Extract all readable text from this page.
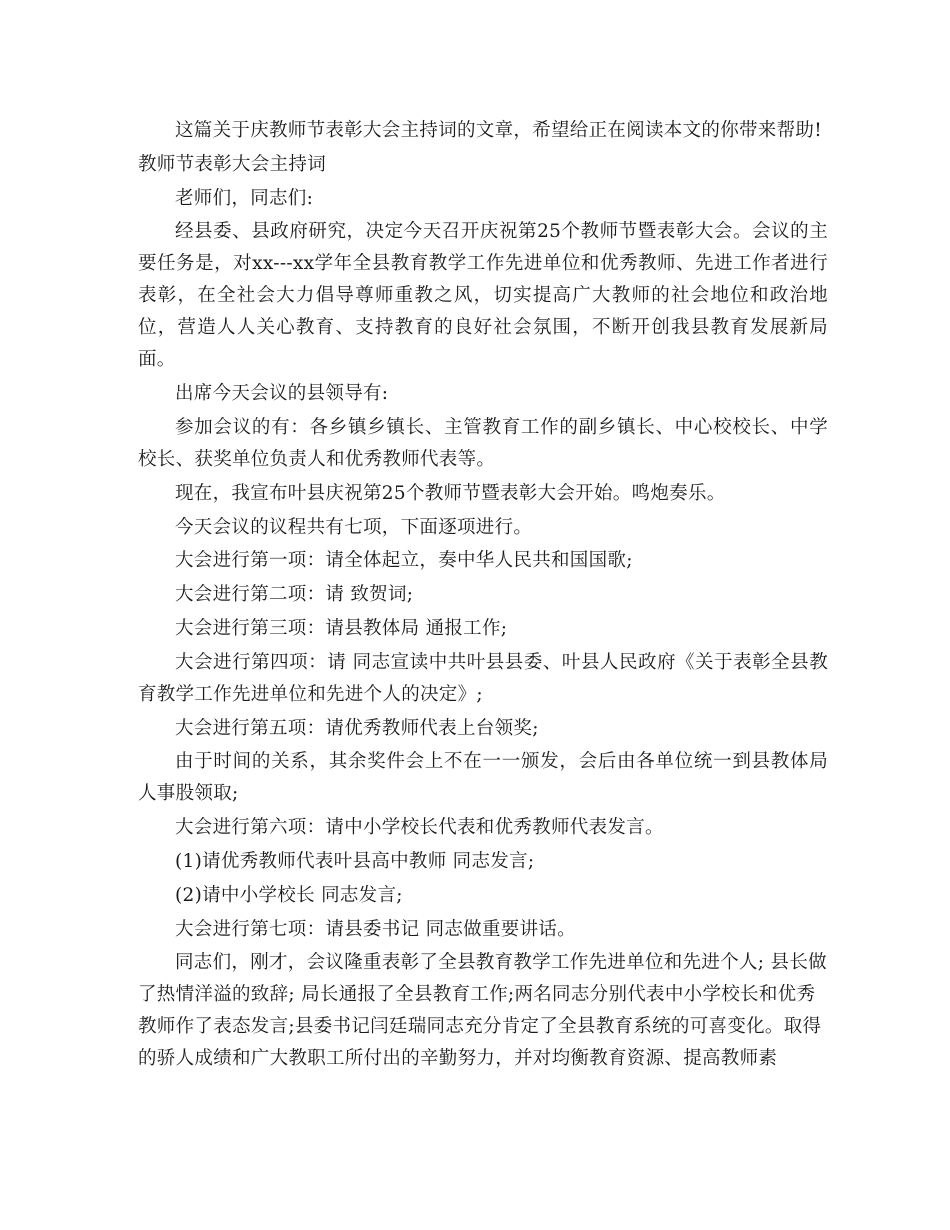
这篇关于庆教师节表彰大会主持词的文章，希望给正在阅读本文的你带来帮助!

教师节表彰大会主持词

老师们，同志们:

经县委、县政府研究，决定今天召开庆祝第25个教师节暨表彰大会。会议的主要任务是，对xx---xx学年全县教育教学工作先进单位和优秀教师、先进工作者进行表彰，在全社会大力倡导尊师重教之风，切实提高广大教师的社会地位和政治地位，营造人人关心教育、支持教育的良好社会氛围，不断开创我县教育发展新局面。

出席今天会议的县领导有:

参加会议的有：各乡镇乡镇长、主管教育工作的副乡镇长、中心校校长、中学校长、获奖单位负责人和优秀教师代表等。

现在，我宣布叶县庆祝第25个教师节暨表彰大会开始。鸣炮奏乐。

今天会议的议程共有七项，下面逐项进行。

大会进行第一项：请全体起立，奏中华人民共和国国歌;

大会进行第二项：请 致贺词;

大会进行第三项：请县教体局 通报工作;

大会进行第四项：请 同志宣读中共叶县县委、叶县人民政府《关于表彰全县教育教学工作先进单位和先进个人的决定》;

大会进行第五项：请优秀教师代表上台领奖;

由于时间的关系，其余奖件会上不在一一颁发，会后由各单位统一到县教体局人事股领取;

大会进行第六项：请中小学校长代表和优秀教师代表发言。

(1)请优秀教师代表叶县高中教师 同志发言;

(2)请中小学校长 同志发言;

大会进行第七项：请县委书记 同志做重要讲话。

同志们，刚才，会议隆重表彰了全县教育教学工作先进单位和先进个人; 县长做了热情洋溢的致辞; 局长通报了全县教育工作;两名同志分别代表中小学校长和优秀教师作了表态发言;县委书记闫廷瑞同志充分肯定了全县教育系统的可喜变化。取得的骄人成绩和广大教职工所付出的辛勤努力，并对均衡教育资源、提高教师素
